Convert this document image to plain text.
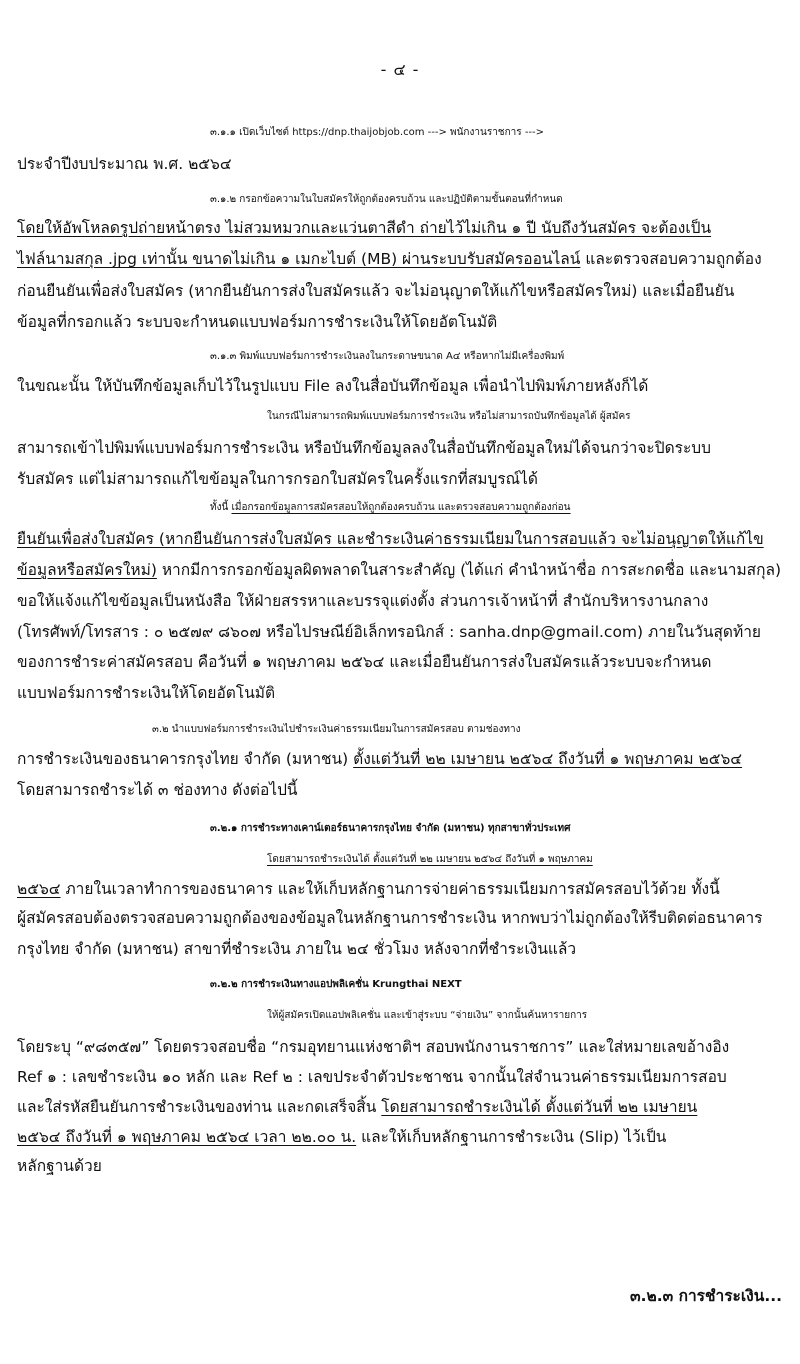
- ๔ -
๓.๑.๑ เปิดเว็บไซต์ https://dnp.thaijobjob.com ---> พนักงานราชการ --->
ประจำปีงบประมาณ พ.ศ. ๒๕๖๔
๓.๑.๒ กรอกข้อความในใบสมัครให้ถูกต้องครบถ้วน และปฏิบัติตามขั้นตอนที่กำหนด
โดยให้อัพโหลดรูปถ่ายหน้าตรง ไม่สวมหมวกและแว่นตาสีดำ ถ่ายไว้ไม่เกิน ๑ ปี นับถึงวันสมัคร จะต้องเป็น
ไฟล์นามสกุล .jpg เท่านั้น ขนาดไม่เกิน ๑ เมกะไบต์ (MB) ผ่านระบบรับสมัครออนไลน์ และตรวจสอบความถูกต้อง
ก่อนยืนยันเพื่อส่งใบสมัคร (หากยืนยันการส่งใบสมัครแล้ว จะไม่อนุญาตให้แก้ไขหรือสมัครใหม่) และเมื่อยืนยัน
ข้อมูลที่กรอกแล้ว ระบบจะกำหนดแบบฟอร์มการชำระเงินให้โดยอัตโนมัติ
๓.๑.๓ พิมพ์แบบฟอร์มการชำระเงินลงในกระดาษขนาด A๔ หรือหากไม่มีเครื่องพิมพ์
ในขณะนั้น ให้บันทึกข้อมูลเก็บไว้ในรูปแบบ File ลงในสื่อบันทึกข้อมูล เพื่อนำไปพิมพ์ภายหลังก็ได้
ในกรณีไม่สามารถพิมพ์แบบฟอร์มการชำระเงิน หรือไม่สามารถบันทึกข้อมูลได้ ผู้สมัคร
สามารถเข้าไปพิมพ์แบบฟอร์มการชำระเงิน หรือบันทึกข้อมูลลงในสื่อบันทึกข้อมูลใหม่ได้จนกว่าจะปิดระบบ
รับสมัคร แต่ไม่สามารถแก้ไขข้อมูลในการกรอกใบสมัครในครั้งแรกที่สมบูรณ์ได้
ทั้งนี้ เมื่อกรอกข้อมูลการสมัครสอบให้ถูกต้องครบถ้วน และตรวจสอบความถูกต้องก่อน
ยืนยันเพื่อส่งใบสมัคร (หากยืนยันการส่งใบสมัคร และชำระเงินค่าธรรมเนียมในการสอบแล้ว จะไม่อนุญาตให้แก้ไข
ข้อมูลหรือสมัครใหม่) หากมีการกรอกข้อมูลผิดพลาดในสาระสำคัญ (ได้แก่ คำนำหน้าชื่อ การสะกดชื่อ และนามสกุล)
ขอให้แจ้งแก้ไขข้อมูลเป็นหนังสือ ให้ฝ่ายสรรหาและบรรจุแต่งตั้ง ส่วนการเจ้าหน้าที่ สำนักบริหารงานกลาง
(โทรศัพท์/โทรสาร : ๐ ๒๕๗๙ ๘๖๐๗ หรือไปรษณีย์อิเล็กทรอนิกส์ : sanha.dnp@gmail.com) ภายในวันสุดท้าย
ของการชำระค่าสมัครสอบ คือวันที่ ๑ พฤษภาคม ๒๕๖๔ และเมื่อยืนยันการส่งใบสมัครแล้วระบบจะกำหนด
แบบฟอร์มการชำระเงินให้โดยอัตโนมัติ
๓.๒ นำแบบฟอร์มการชำระเงินไปชำระเงินค่าธรรมเนียมในการสมัครสอบ ตามช่องทาง
การชำระเงินของธนาคารกรุงไทย จำกัด (มหาชน) ตั้งแต่วันที่ ๒๒ เมษายน ๒๕๖๔ ถึงวันที่ ๑ พฤษภาคม ๒๕๖๔
โดยสามารถชำระได้ ๓ ช่องทาง ดังต่อไปนี้
๓.๒.๑ การชำระทางเคาน์เตอร์ธนาคารกรุงไทย จำกัด (มหาชน) ทุกสาขาทั่วประเทศ
โดยสามารถชำระเงินได้ ตั้งแต่วันที่ ๒๒ เมษายน ๒๕๖๔ ถึงวันที่ ๑ พฤษภาคม
๒๕๖๔ ภายในเวลาทำการของธนาคาร และให้เก็บหลักฐานการจ่ายค่าธรรมเนียมการสมัครสอบไว้ด้วย ทั้งนี้
ผู้สมัครสอบต้องตรวจสอบความถูกต้องของข้อมูลในหลักฐานการชำระเงิน หากพบว่าไม่ถูกต้องให้รีบติดต่อธนาคาร
กรุงไทย จำกัด (มหาชน) สาขาที่ชำระเงิน ภายใน ๒๔ ชั่วโมง หลังจากที่ชำระเงินแล้ว
๓.๒.๒ การชำระเงินทางแอปพลิเคชั่น Krungthai NEXT
ให้ผู้สมัครเปิดแอปพลิเคชั่น และเข้าสู่ระบบ “จ่ายเงิน” จากนั้นค้นหารายการ
โดยระบุ “๙๘๓๕๗” โดยตรวจสอบชื่อ “กรมอุทยานแห่งชาติฯ สอบพนักงานราชการ” และใส่หมายเลขอ้างอิง
Ref ๑ : เลขชำระเงิน ๑๐ หลัก และ Ref ๒ : เลขประจำตัวประชาชน จากนั้นใส่จำนวนค่าธรรมเนียมการสอบ
และใส่รหัสยืนยันการชำระเงินของท่าน และกดเสร็จสิ้น โดยสามารถชำระเงินได้ ตั้งแต่วันที่ ๒๒ เมษายน
๒๕๖๔ ถึงวันที่ ๑ พฤษภาคม ๒๕๖๔ เวลา ๒๒.๐๐ น. และให้เก็บหลักฐานการชำระเงิน (Slip) ไว้เป็น
หลักฐานด้วย
๓.๒.๓ การชำระเงิน...
